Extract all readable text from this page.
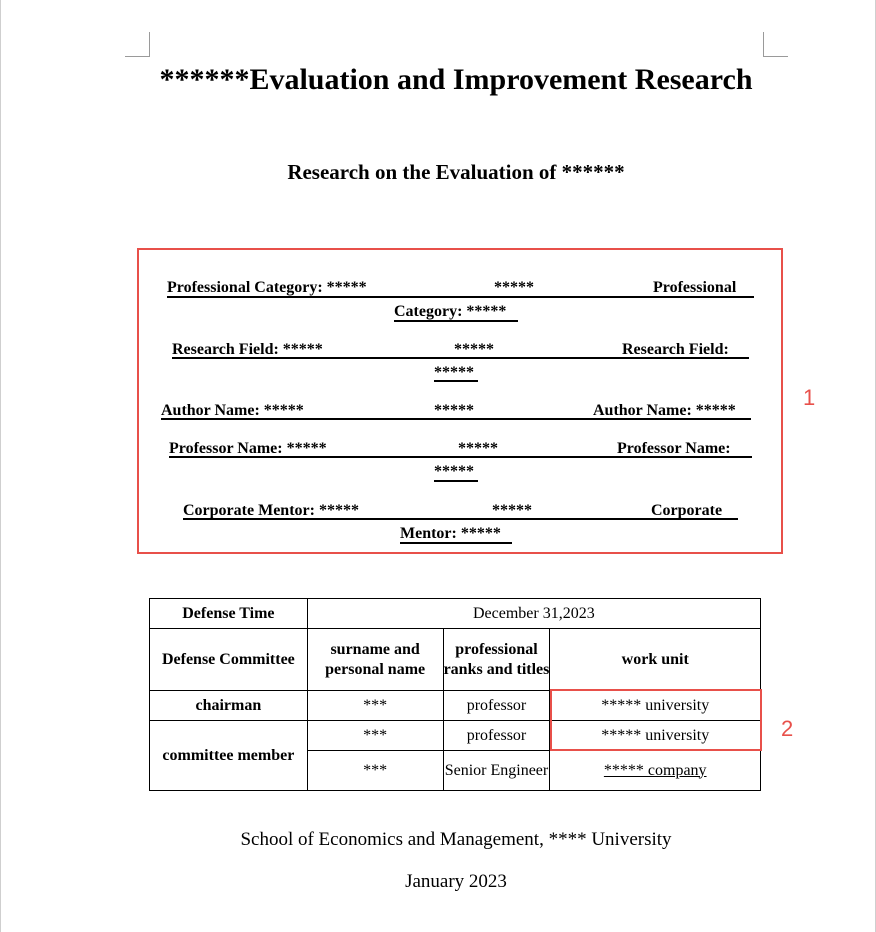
******Evaluation and Improvement Research
Research on the Evaluation of ******
1
Professional Category: *****	*****	Professional
Category: *****
Research Field: *****	*****	Research Field:
*****
Author Name: *****	*****	Author Name: *****
Professor Name: *****	*****	Professor Name:
*****
Corporate Mentor: *****	*****	Corporate
Mentor: *****
Defense Time	December 31,2023		
Defense Committee	surname and personal name	professional ranks and titles	work unit
chairman	***	professor	***** university
committee member	***	professor	***** university
	***	Senior Engineer	***** company
2
School of Economics and Management, **** University
January 2023
